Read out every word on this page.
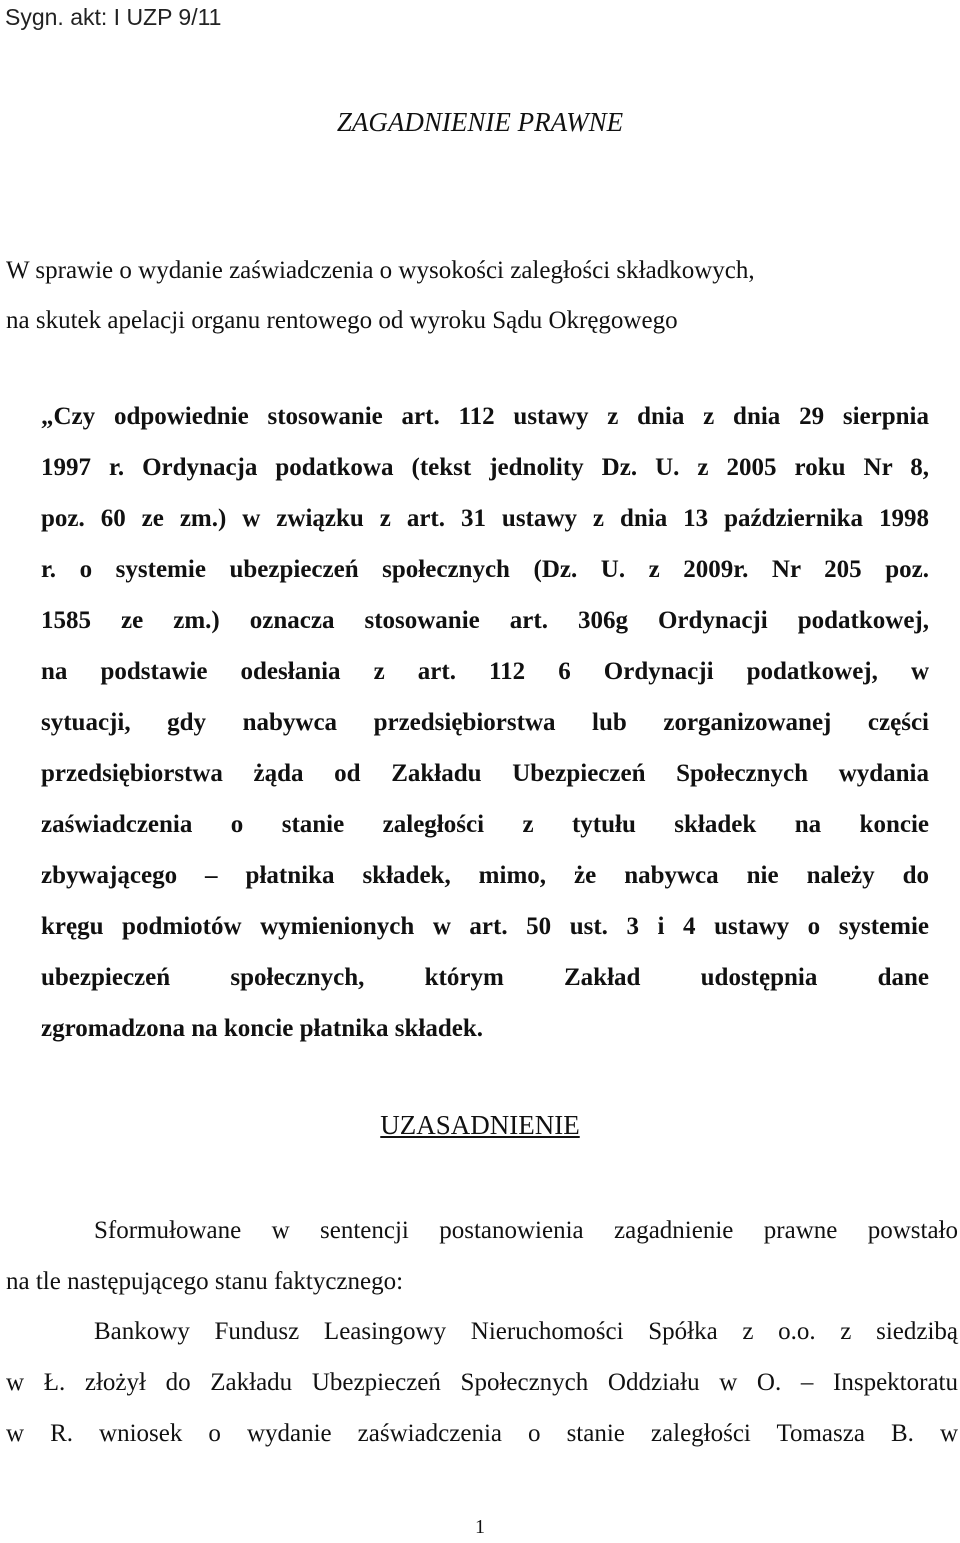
Sygn. akt: I UZP 9/11
ZAGADNIENIE PRAWNE
W sprawie o wydanie zaświadczenia o wysokości zaległości składkowych,
na skutek apelacji organu rentowego od wyroku Sądu Okręgowego
„Czy odpowiednie stosowanie art. 112 ustawy z dnia z dnia 29 sierpnia
1997 r. Ordynacja podatkowa (tekst jednolity Dz. U. z 2005 roku Nr 8,
poz. 60 ze zm.) w związku z art. 31 ustawy z dnia 13 października 1998
r. o systemie ubezpieczeń społecznych (Dz. U. z 2009r. Nr 205 poz.
1585 ze zm.) oznacza stosowanie art. 306g Ordynacji podatkowej,
na podstawie odesłania z art. 112 6 Ordynacji podatkowej, w
sytuacji, gdy nabywca przedsiębiorstwa lub zorganizowanej części
przedsiębiorstwa żąda od Zakładu Ubezpieczeń Społecznych wydania
zaświadczenia o stanie zaległości z tytułu składek na koncie
zbywającego – płatnika składek, mimo, że nabywca nie należy do
kręgu podmiotów wymienionych w art. 50 ust. 3 i 4 ustawy o systemie
ubezpieczeń społecznych, którym Zakład udostępnia dane
zgromadzona na koncie płatnika składek.
UZASADNIENIE
Sformułowane w sentencji postanowienia zagadnienie prawne powstało
na tle następującego stanu faktycznego:
Bankowy Fundusz Leasingowy Nieruchomości Spółka z o.o. z siedzibą
w Ł. złożył do Zakładu Ubezpieczeń Społecznych Oddziału w O. – Inspektoratu
w R. wniosek o wydanie zaświadczenia o stanie zaległości Tomasza B. w
1
